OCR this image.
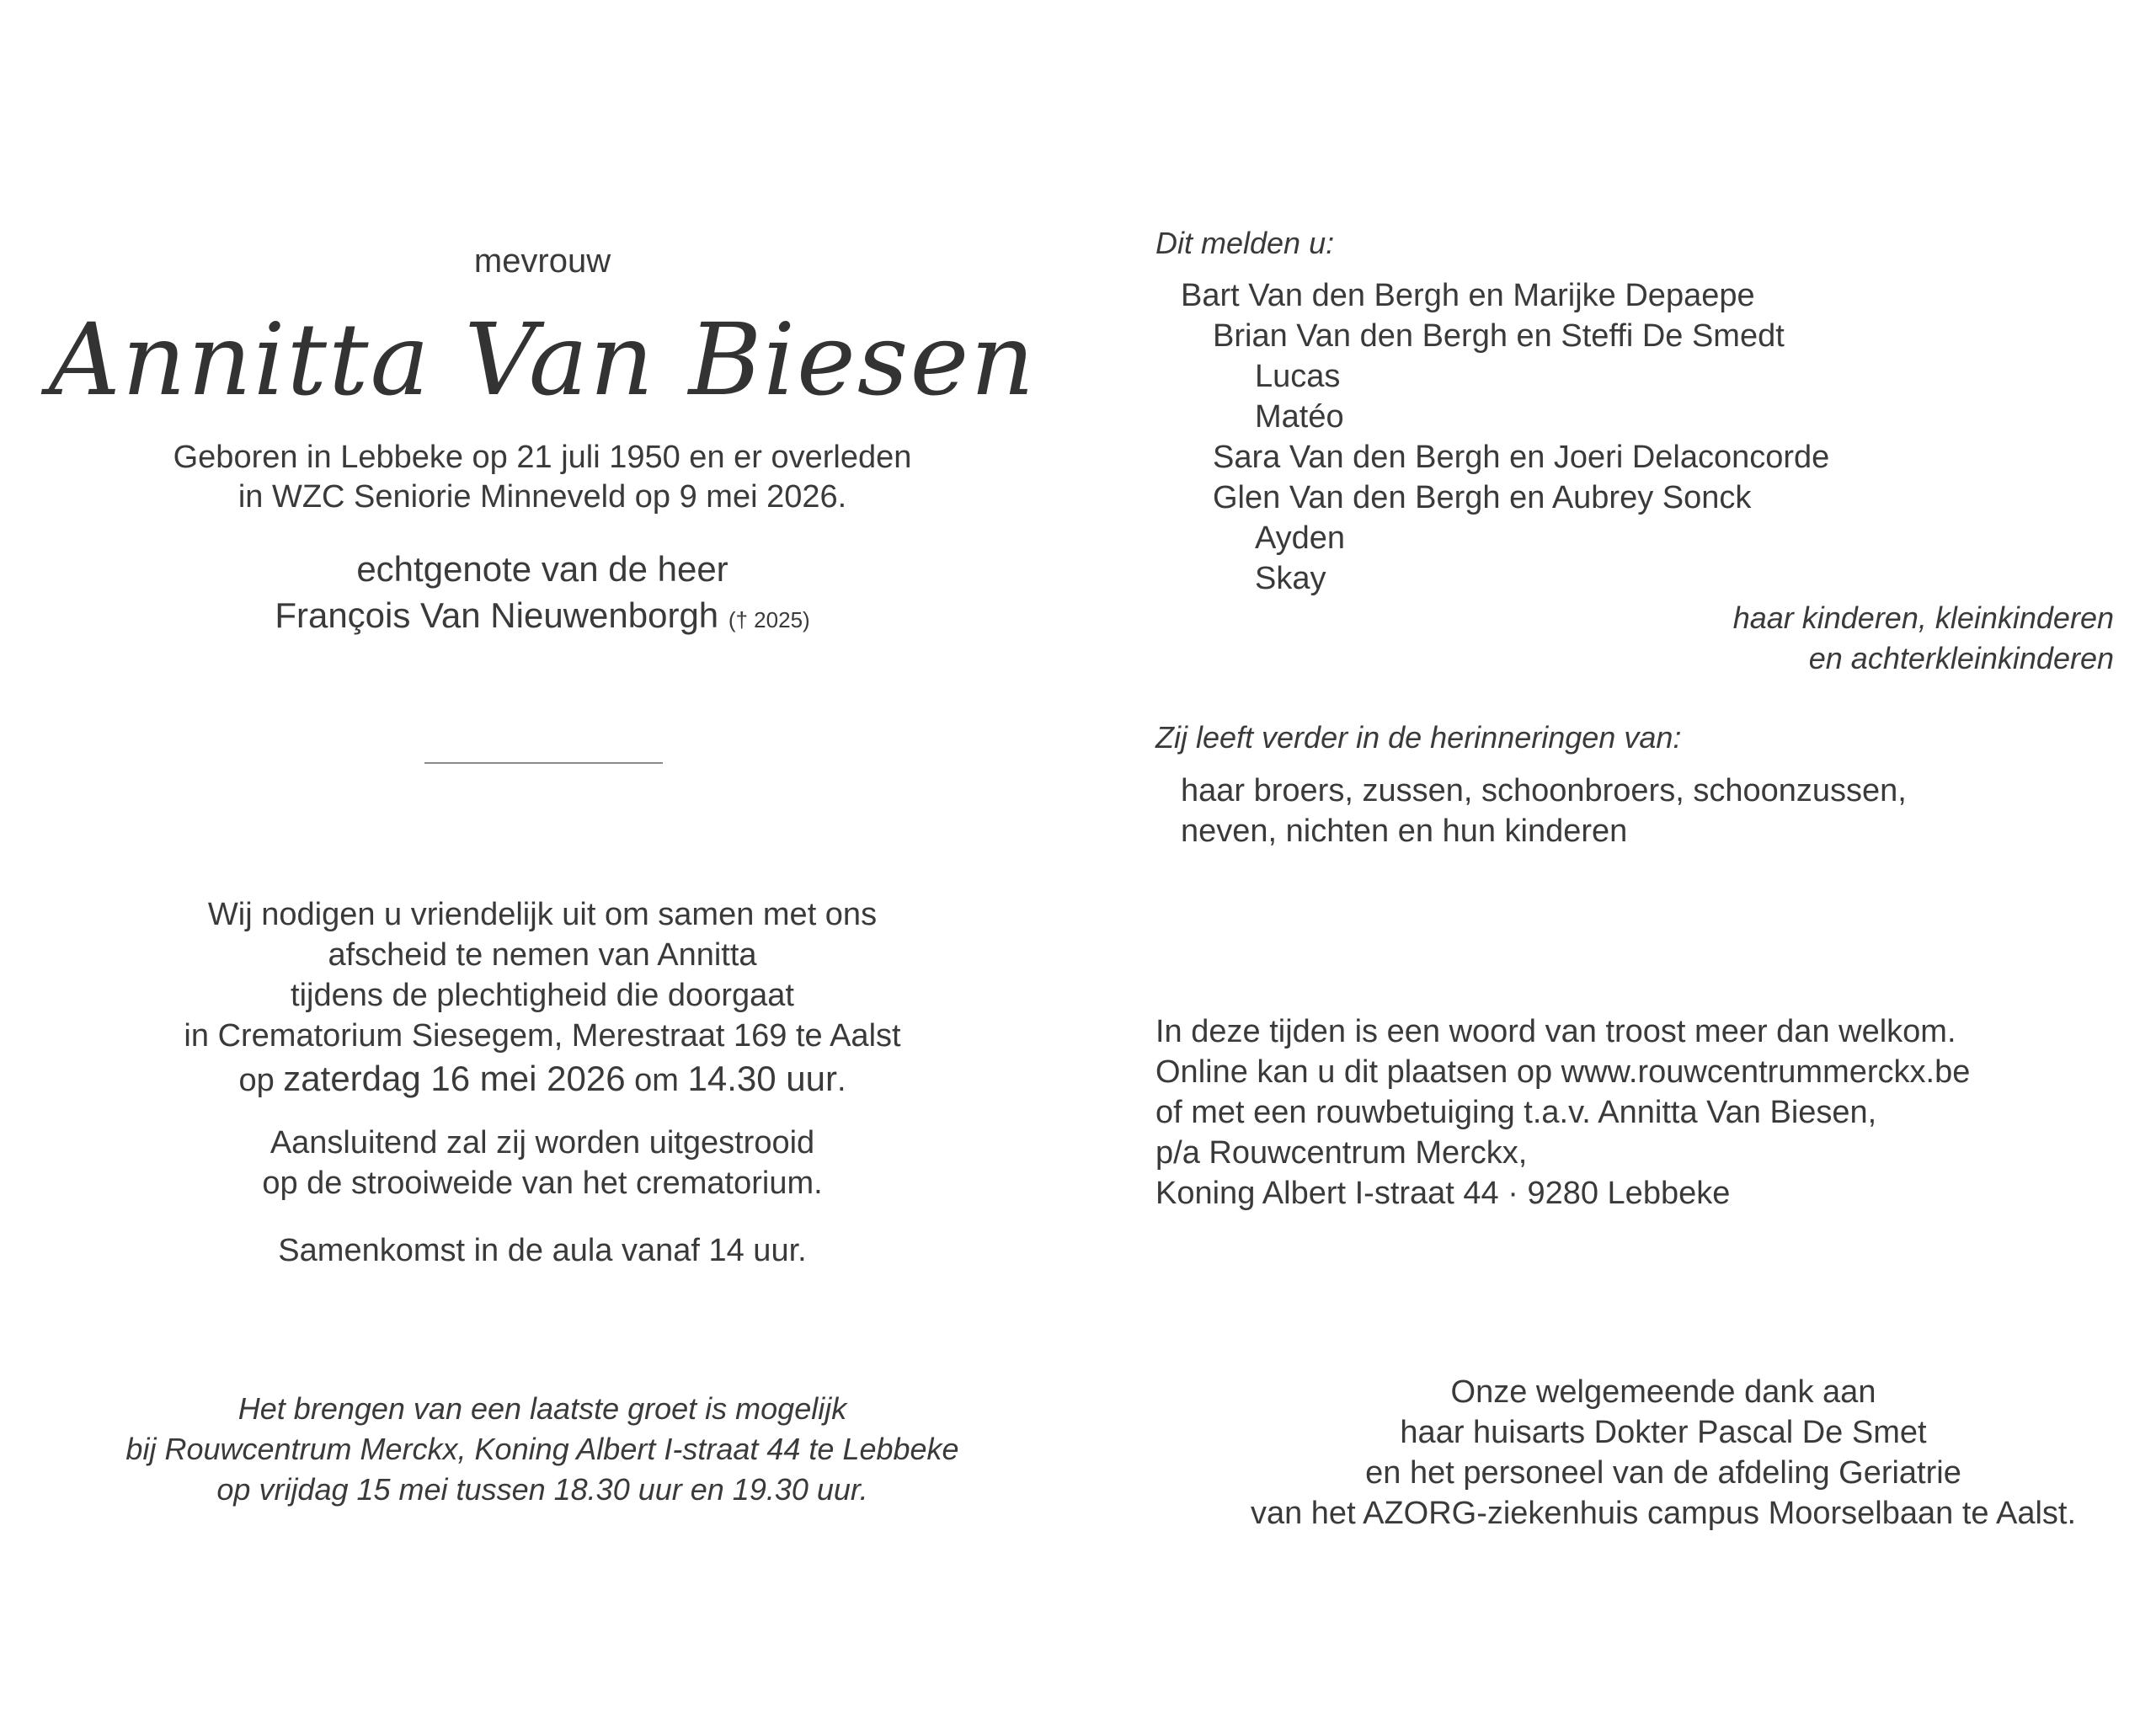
mevrouw
Annitta Van Biesen
Geboren in Lebbeke op 21 juli 1950 en er overleden
in WZC Seniorie Minneveld op 9 mei 2026.
echtgenote van de heer
François Van Nieuwenborgh († 2025)
Wij nodigen u vriendelijk uit om samen met ons
afscheid te nemen van Annitta
tijdens de plechtigheid die doorgaat
in Crematorium Siesegem, Merestraat 169 te Aalst
op zaterdag 16 mei 2026 om 14.30 uur.
Aansluitend zal zij worden uitgestrooid
op de strooiweide van het crematorium.
Samenkomst in de aula vanaf 14 uur.
Het brengen van een laatste groet is mogelijk
bij Rouwcentrum Merckx, Koning Albert I-straat 44 te Lebbeke
op vrijdag 15 mei tussen 18.30 uur en 19.30 uur.
Dit melden u:
Bart Van den Bergh en Marijke Depaepe
Brian Van den Bergh en Steffi De Smedt
Lucas
Matéo
Sara Van den Bergh en Joeri Delaconcorde
Glen Van den Bergh en Aubrey Sonck
Ayden
Skay
haar kinderen, kleinkinderen
en achterkleinkinderen
Zij leeft verder in de herinneringen van:
haar broers, zussen, schoonbroers, schoonzussen,
neven, nichten en hun kinderen
In deze tijden is een woord van troost meer dan welkom.
Online kan u dit plaatsen op www.rouwcentrummerckx.be
of met een rouwbetuiging t.a.v. Annitta Van Biesen,
p/a Rouwcentrum Merckx,
Koning Albert I-straat 44 · 9280 Lebbeke
Onze welgemeende dank aan
haar huisarts Dokter Pascal De Smet
en het personeel van de afdeling Geriatrie
van het AZORG-ziekenhuis campus Moorselbaan te Aalst.
